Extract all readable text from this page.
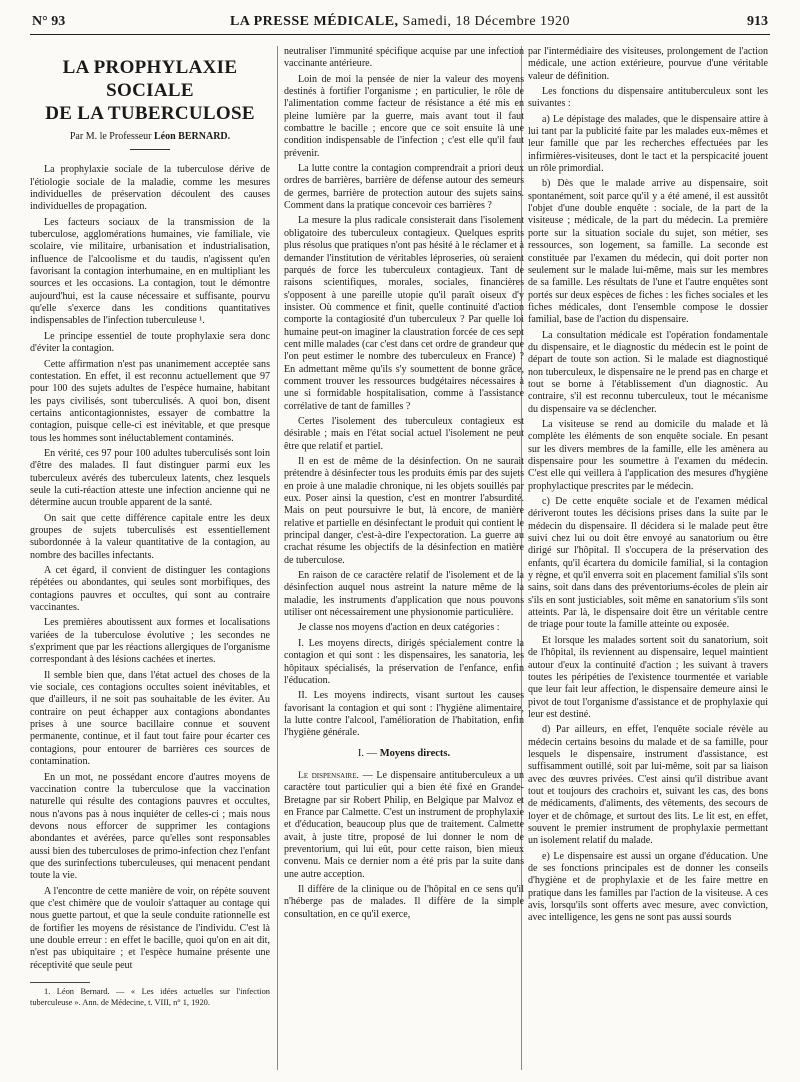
N° 93	LA PRESSE MÉDICALE, Samedi, 18 Décembre 1920	913
LA PROPHYLAXIE SOCIALE
DE LA TUBERCULOSE
Par M. le Professeur Léon BERNARD.

La prophylaxie sociale de la tuberculose dérive de l'étiologie sociale de la maladie, comme les mesures individuelles de préservation découlent des causes individuelles de propagation.

Les facteurs sociaux de la transmission de la tuberculose, agglomérations humaines, vie familiale, vie scolaire, vie militaire, urbanisation et industrialisation, influence de l'alcoolisme et du taudis, n'agissent qu'en favorisant la contagion interhumaine, en en multipliant les sources et les occasions. La contagion, tout le démontre aujourd'hui, est la cause nécessaire et suffisante, pourvu qu'elle s'exerce dans les conditions quantitatives indispensables de l'infection tuberculeuse ¹.

Le principe essentiel de toute prophylaxie sera donc d'éviter la contagion.

Cette affirmation n'est pas unanimement acceptée sans contestation. En effet, il est reconnu actuellement que 97 pour 100 des sujets adultes de l'espèce humaine, habitant les pays civilisés, sont tuberculisés. A quoi bon, disent certains anticontagionnistes, essayer de combattre la contagion, puisque celle-ci est inévitable, et que presque tous les hommes sont inéluctablement contaminés.

En vérité, ces 97 pour 100 adultes tuberculisés sont loin d'être des malades. Il faut distinguer parmi eux les tuberculeux avérés des tuberculeux latents, chez lesquels seule la cuti-réaction atteste une infection ancienne qui ne détermine aucun trouble apparent de la santé.

On sait que cette différence capitale entre les deux groupes de sujets tuberculisés est essentiellement subordonnée à la valeur quantitative de la contagion, au nombre des bacilles infectants.

A cet égard, il convient de distinguer les contagions répétées ou abondantes, qui seules sont morbifiques, des contagions pauvres et occultes, qui sont au contraire vaccinantes.

Les premières aboutissent aux formes et localisations variées de la tuberculose évolutive ; les secondes ne s'expriment que par les réactions allergiques de l'organisme correspondant à des lésions cachées et inertes.

Il semble bien que, dans l'état actuel des choses de la vie sociale, ces contagions occultes soient inévitables, et que d'ailleurs, il ne soit pas souhaitable de les éviter. Au contraire on peut échapper aux contagions abondantes prises à une source bacillaire connue et souvent permanente, continue, et il faut tout faire pour écarter ces contagions, pour entourer de barrières ces sources de contamination.

En un mot, ne possédant encore d'autres moyens de vaccination contre la tuberculose que la vaccination naturelle qui résulte des contagions pauvres et occultes, nous n'avons pas à nous inquiéter de celles-ci ; mais nous devons nous efforcer de supprimer les contagions abondantes et avérées, parce qu'elles sont responsables aussi bien des tuberculoses de primo-infection chez l'enfant que des surinfections tuberculeuses, qui menacent pendant toute la vie.

A l'encontre de cette manière de voir, on répète souvent que c'est chimère que de vouloir s'attaquer au contage qui nous guette partout, et que la seule conduite rationnelle est de fortifier les moyens de résistance de l'individu. C'est là une double erreur : en effet le bacille, quoi qu'on en ait dit, n'est pas ubiquitaire ; et l'espèce humaine présente une réceptivité que seule peut

1. Léon Bernard. — « Les idées actuelles sur l'infection tuberculeuse ». Ann. de Médecine, t. VIII, n° 1, 1920.

neutraliser l'immunité spécifique acquise par une infection vaccinante antérieure.

Loin de moi la pensée de nier la valeur des moyens destinés à fortifier l'organisme ; en particulier, le rôle de l'alimentation comme facteur de résistance a été mis en pleine lumière par la guerre, mais avant tout il faut combattre le bacille ; encore que ce soit ensuite là une condition indispensable de l'infection ; c'est elle qu'il faut prévenir.

La lutte contre la contagion comprendrait a priori deux ordres de barrières, barrière de défense autour des semeurs de germes, barrière de protection autour des sujets sains. Comment dans la pratique concevoir ces barrières ?

La mesure la plus radicale consisterait dans l'isolement obligatoire des tuberculeux contagieux. Quelques esprits plus résolus que pratiques n'ont pas hésité à le réclamer et à demander l'institution de véritables léproseries, où seraient parqués de force les tuberculeux contagieux. Tant de raisons scientifiques, morales, sociales, financières s'opposent à une pareille utopie qu'il paraît oiseux d'y insister. Où commence et finit, quelle continuité d'action comporte la contagiosité d'un tuberculeux ? Par quelle loi humaine peut-on imaginer la claustration forcée de ces sept cent mille malades (car c'est dans cet ordre de grandeur que l'on peut estimer le nombre des tuberculeux en France) ? En admettant même qu'ils s'y soumettent de bonne grâce, comment trouver les ressources budgétaires nécessaires à une si formidable hospitalisation, comme à l'assistance corrélative de tant de familles ?

Certes l'isolement des tuberculeux contagieux est désirable ; mais en l'état social actuel l'isolement ne peut être que relatif et partiel.

Il en est de même de la désinfection. On ne saurait prétendre à désinfecter tous les produits émis par des sujets en proie à une maladie chronique, ni les objets souillés par eux. Poser ainsi la question, c'est en montrer l'absurdité. Mais on peut poursuivre le but, là encore, de manière relative et partielle en désinfectant le produit qui contient le principal danger, c'est-à-dire l'expectoration. La guerre au crachat résume les objectifs de la désinfection en matière de tuberculose.

En raison de ce caractère relatif de l'isolement et de la désinfection auquel nous astreint la nature même de la maladie, les instruments d'application que nous pouvons utiliser ont nécessairement une physionomie particulière.

Je classe nos moyens d'action en deux catégories :

I. Les moyens directs, dirigés spécialement contre la contagion et qui sont : les dispensaires, les sanatoria, les hôpitaux spécialisés, la préservation de l'enfance, enfin l'éducation.

II. Les moyens indirects, visant surtout les causes favorisant la contagion et qui sont : l'hygiène alimentaire, la lutte contre l'alcool, l'amélioration de l'habitation, enfin l'hygiène générale.

I. — Moyens directs.

Le dispensaire. — Le dispensaire antituberculeux a un caractère tout particulier qui a bien été fixé en Grande-Bretagne par sir Robert Philip, en Belgique par Malvoz et en France par Calmette. C'est un instrument de prophylaxie et d'éducation, beaucoup plus que de traitement. Calmette avait, à juste titre, proposé de lui donner le nom de preventorium, qui lui eût, pour cette raison, bien mieux convenu. Mais ce dernier nom a été pris par la suite dans une autre acception.

Il diffère de la clinique ou de l'hôpital en ce sens qu'il n'héberge pas de malades. Il diffère de la simple consultation, en ce qu'il exerce,

par l'intermédiaire des visiteuses, prolongement de l'action médicale, une action extérieure, pourvue d'une véritable valeur de définition.

Les fonctions du dispensaire antituberculeux sont les suivantes :

a) Le dépistage des malades, que le dispensaire attire à lui tant par la publicité faite par les malades eux-mêmes et leur famille que par les recherches effectuées par les infirmières-visiteuses, dont le tact et la perspicacité jouent un rôle primordial.

b) Dès que le malade arrive au dispensaire, soit spontanément, soit parce qu'il y a été amené, il est aussitôt l'objet d'une double enquête : sociale, de la part de la visiteuse ; médicale, de la part du médecin. La première porte sur la situation sociale du sujet, son métier, ses ressources, son logement, sa famille. La seconde est constituée par l'examen du médecin, qui doit porter non seulement sur le malade lui-même, mais sur les membres de sa famille. Les résultats de l'une et l'autre enquêtes sont portés sur deux espèces de fiches : les fiches sociales et les fiches médicales, dont l'ensemble compose le dossier familial, base de l'action du dispensaire.

La consultation médicale est l'opération fondamentale du dispensaire, et le diagnostic du médecin est le point de départ de toute son action. Si le malade est diagnostiqué non tuberculeux, le dispensaire ne le prend pas en charge et tout se borne à l'établissement d'un diagnostic. Au contraire, s'il est reconnu tuberculeux, tout le mécanisme du dispensaire va se déclencher.

La visiteuse se rend au domicile du malade et là complète les éléments de son enquête sociale. En pesant sur les divers membres de la famille, elle les amènera au dispensaire pour les soumettre à l'examen du médecin. C'est elle qui veillera à l'application des mesures d'hygiène prophylactique prescrites par le médecin.

c) De cette enquête sociale et de l'examen médical dériveront toutes les décisions prises dans la suite par le médecin du dispensaire. Il décidera si le malade peut être suivi chez lui ou doit être envoyé au sanatorium ou être dirigé sur l'hôpital. Il s'occupera de la préservation des enfants, qu'il écartera du domicile familial, si la contagion y règne, et qu'il enverra soit en placement familial s'ils sont sains, soit dans dans des préventoriums-écoles de plein air s'ils en sont justiciables, soit même en sanatorium s'ils sont atteints. Par là, le dispensaire doit être un véritable centre de triage pour toute la famille atteinte ou exposée.

Et lorsque les malades sortent soit du sanatorium, soit de l'hôpital, ils reviennent au dispensaire, lequel maintient autour d'eux la continuité d'action ; les suivant à travers toutes les péripéties de l'existence tourmentée et variable que leur fait leur affection, le dispensaire demeure ainsi le pivot de tout l'organisme d'assistance et de prophylaxie qui leur est destiné.

d) Par ailleurs, en effet, l'enquête sociale révèle au médecin certains besoins du malade et de sa famille, pour lesquels le dispensaire, instrument d'assistance, est suffisamment outillé, soit par lui-même, soit par sa liaison avec des œuvres privées. C'est ainsi qu'il distribue avant tout et toujours des crachoirs et, suivant les cas, des bons de médicaments, d'aliments, des vêtements, des secours de loyer et de chômage, et surtout des lits. Le lit est, en effet, souvent le premier instrument de prophylaxie permettant un isolement relatif du malade.

e) Le dispensaire est aussi un organe d'éducation. Une de ses fonctions principales est de donner les conseils d'hygiène et de prophylaxie et de les faire mettre en pratique dans les familles par l'action de la visiteuse. A ces avis, lorsqu'ils sont offerts avec mesure, avec conviction, avec intelligence, les gens ne sont pas aussi sourds
